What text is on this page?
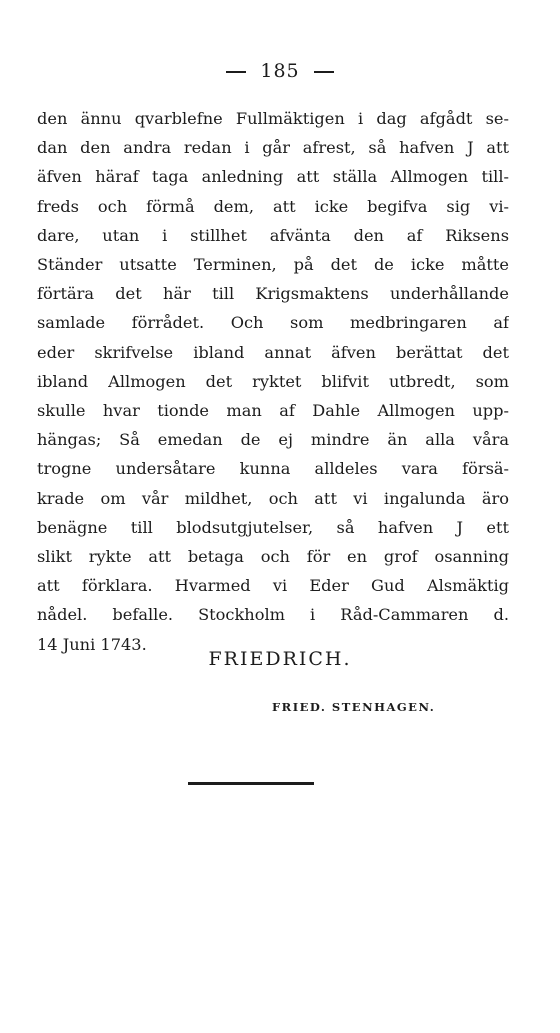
185
den ännu qvarblefne Fullmäktigen i dag afgådt se-
dan den andra redan i går afrest, så hafven J att
äfven häraf taga anledning att ställa Allmogen till-
freds och förmå dem, att icke begifva sig vi-
dare, utan i stillhet afvänta den af Riksens
Ständer utsatte Terminen, på det de icke måtte
förtära det här till Krigsmaktens underhållande
samlade förrådet. Och som medbringaren af
eder skrifvelse ibland annat äfven berättat det
ibland Allmogen det ryktet blifvit utbredt, som
skulle hvar tionde man af Dahle Allmogen upp-
hängas; Så emedan de ej mindre än alla våra
trogne undersåtare kunna alldeles vara försä-
krade om vår mildhet, och att vi ingalunda äro
benägne till blodsutgjutelser, så hafven J ett
slikt rykte att betaga och för en grof osanning
att förklara. Hvarmed vi Eder Gud Alsmäktig
nådel. befalle. Stockholm i Råd-Cammaren d.
14 Juni 1743.
FRIEDRICH.
FRIED. STENHAGEN.
